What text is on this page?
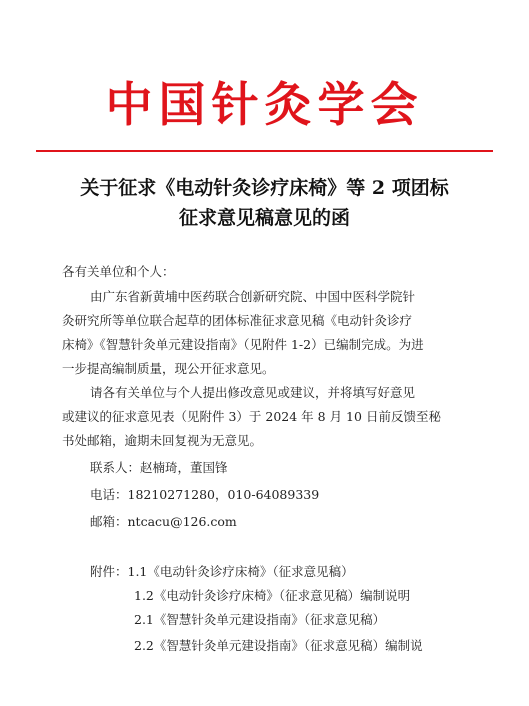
中国针灸学会
关于征求《电动针灸诊疗床椅》等 2 项团标
征求意见稿意见的函
各有关单位和个人：
由广东省新黄埔中医药联合创新研究院、中国中医科学院针
灸研究所等单位联合起草的团体标准征求意见稿《电动针灸诊疗
床椅》《智慧针灸单元建设指南》（见附件 1-2）已编制完成。为进
一步提高编制质量，现公开征求意见。
请各有关单位与个人提出修改意见或建议，并将填写好意见
或建议的征求意见表（见附件 3）于 2024 年 8 月 10 日前反馈至秘
书处邮箱，逾期未回复视为无意见。
联系人：赵楠琦，董国锋
电话：18210271280，010-64089339
邮箱：ntcacu@126.com
附件：1.1《电动针灸诊疗床椅》（征求意见稿）
1.2《电动针灸诊疗床椅》（征求意见稿）编制说明
2.1《智慧针灸单元建设指南》（征求意见稿）
2.2《智慧针灸单元建设指南》（征求意见稿）编制说
